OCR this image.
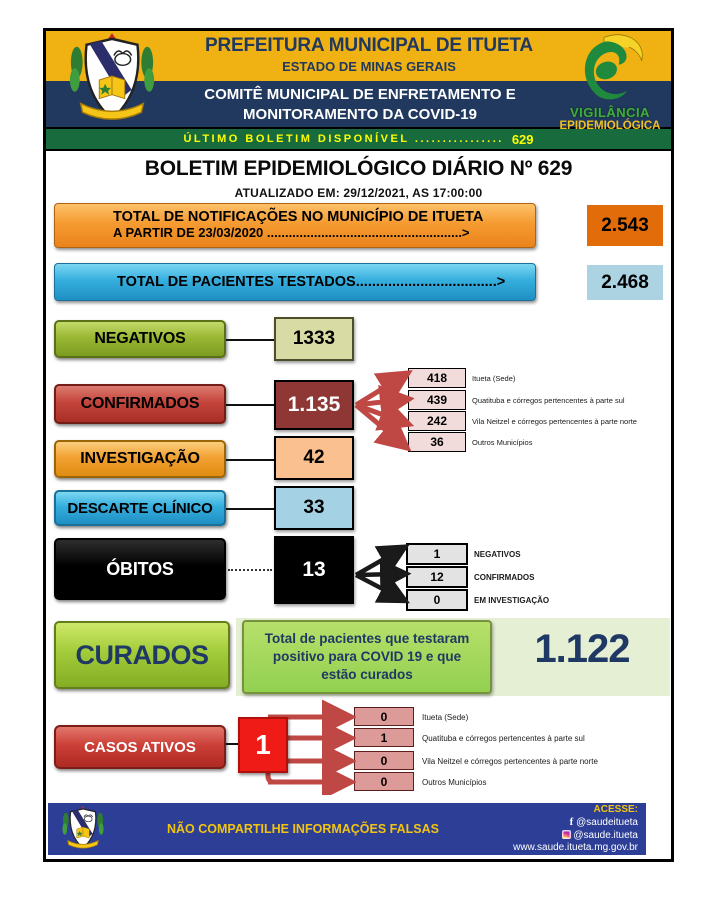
PREFEITURA MUNICIPAL DE ITUETA
ESTADO DE MINAS GERAIS
COMITÊ MUNICIPAL DE ENFRETAMENTO E
MONITORAMENTO DA COVID-19	VIGILÂNCIA
EPIDEMIOLÓGICA
ÚLTIMO BOLETIM DISPONÍVEL ................ 629
BOLETIM EPIDEMIOLÓGICO DIÁRIO Nº 629
ATUALIZADO EM: 29/12/2021, AS 17:00:00
TOTAL DE NOTIFICAÇÕES NO MUNICÍPIO DE ITUETA
A PARTIR DE 23/03/2020 ......................................................>	2.543
TOTAL DE PACIENTES TESTADOS...................................>	2.468
NEGATIVOS	1333
CONFIRMADOS	1.135
418	Itueta (Sede)
439	Quatituba e córregos pertencentes à parte sul
242	Vila Neitzel e córregos pertencentes à parte norte
36	Outros Municípios
INVESTIGAÇÃO	42
DESCARTE CLÍNICO	33
ÓBITOS	13
1	NEGATIVOS
12	CONFIRMADOS
0	EM INVESTIGAÇÃO
CURADOS
Total de pacientes que testaram positivo para COVID 19 e que estão curados
1.122
CASOS ATIVOS	1
0	Itueta (Sede)
1	Quatituba e córregos pertencentes à parte sul
0	Vila Neitzel e córregos pertencentes à parte norte
0	Outros Municípios
NÃO COMPARTILHE INFORMAÇÕES FALSAS
ACESSE:
f @saudeitueta
@saude.itueta
www.saude.itueta.mg.gov.br
